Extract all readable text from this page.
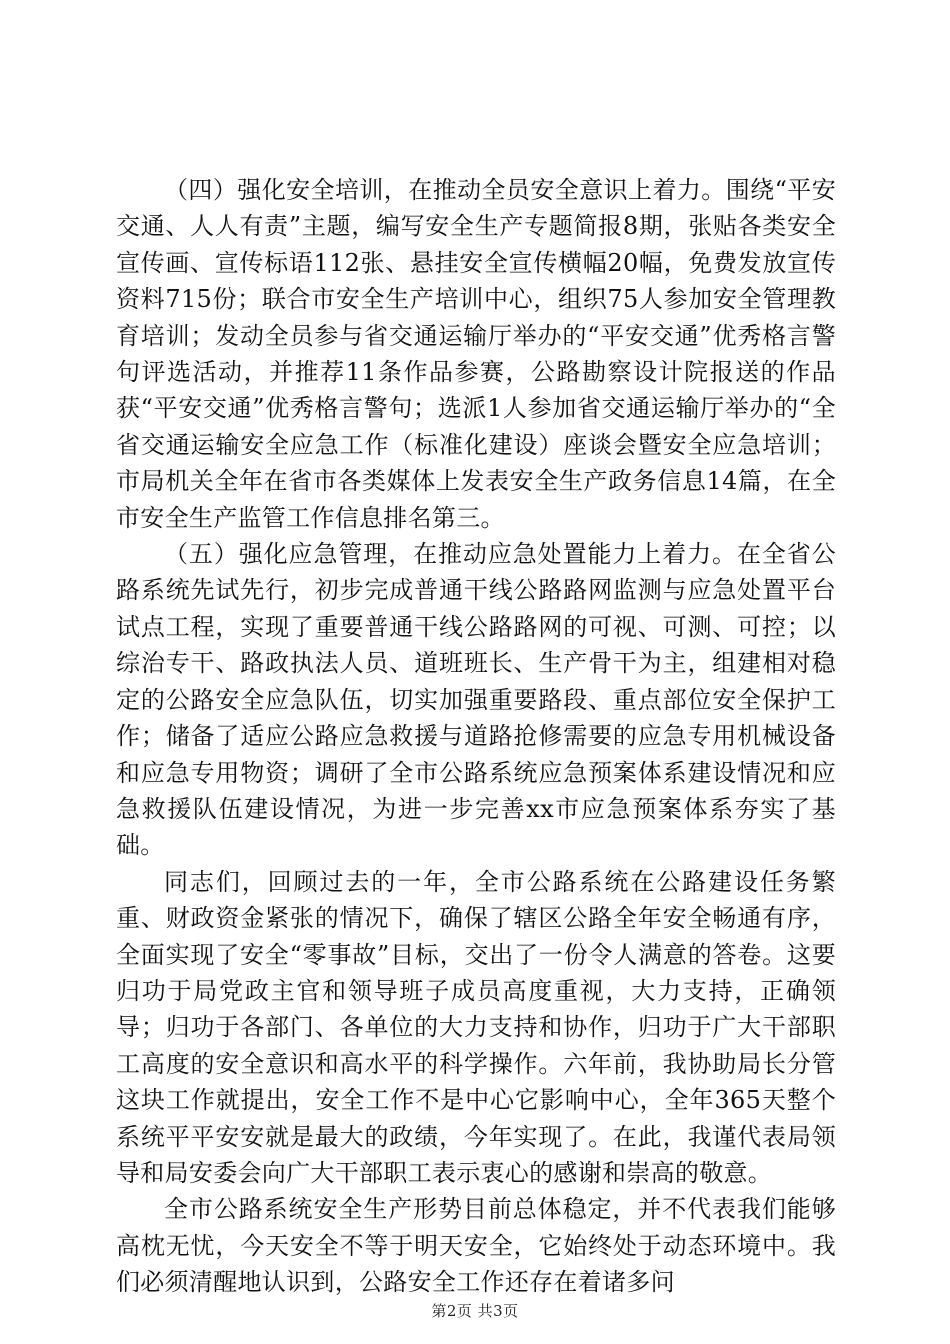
（四）强化安全培训，在推动全员安全意识上着力。围绕“平安交通、人人有责”主题，编写安全生产专题简报8期，张贴各类安全宣传画、宣传标语112张、悬挂安全宣传横幅20幅，免费发放宣传资料715份；联合市安全生产培训中心，组织75人参加安全管理教育培训；发动全员参与省交通运输厅举办的“平安交通”优秀格言警句评选活动，并推荐11条作品参赛，公路勘察设计院报送的作品获“平安交通”优秀格言警句；选派1人参加省交通运输厅举办的“全省交通运输安全应急工作（标准化建设）座谈会暨安全应急培训；市局机关全年在省市各类媒体上发表安全生产政务信息14篇，在全市安全生产监管工作信息排名第三。

（五）强化应急管理，在推动应急处置能力上着力。在全省公路系统先试先行，初步完成普通干线公路路网监测与应急处置平台试点工程，实现了重要普通干线公路路网的可视、可测、可控；以综治专干、路政执法人员、道班班长、生产骨干为主，组建相对稳定的公路安全应急队伍，切实加强重要路段、重点部位安全保护工作；储备了适应公路应急救援与道路抢修需要的应急专用机械设备和应急专用物资；调研了全市公路系统应急预案体系建设情况和应急救援队伍建设情况，为进一步完善xx市应急预案体系夯实了基础。

同志们，回顾过去的一年，全市公路系统在公路建设任务繁重、财政资金紧张的情况下，确保了辖区公路全年安全畅通有序，全面实现了安全“零事故”目标，交出了一份令人满意的答卷。这要归功于局党政主官和领导班子成员高度重视，大力支持，正确领导；归功于各部门、各单位的大力支持和协作，归功于广大干部职工高度的安全意识和高水平的科学操作。六年前，我协助局长分管这块工作就提出，安全工作不是中心它影响中心，全年365天整个系统平平安安就是最大的政绩，今年实现了。在此，我谨代表局领导和局安委会向广大干部职工表示衷心的感谢和崇高的敬意。

全市公路系统安全生产形势目前总体稳定，并不代表我们能够高枕无忧，今天安全不等于明天安全，它始终处于动态环境中。我们必须清醒地认识到，公路安全工作还存在着诸多问

第2页 共3页
